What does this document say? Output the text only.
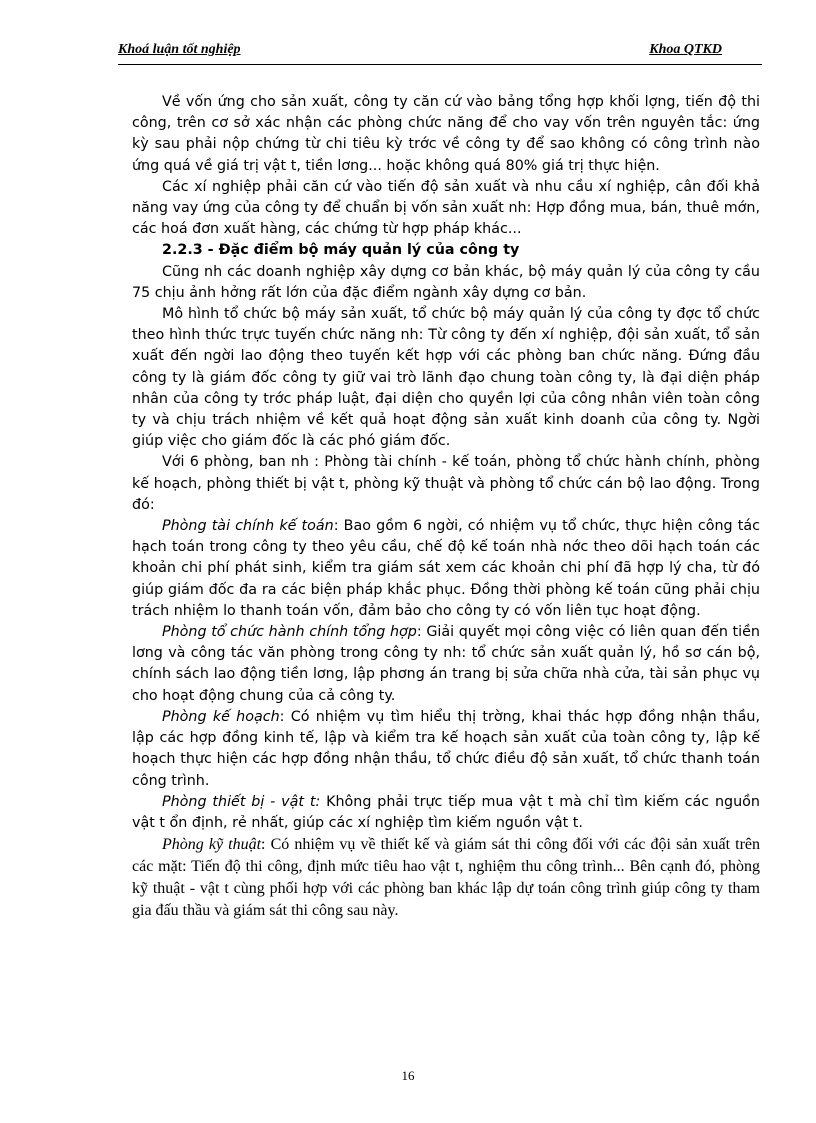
Khoá luận tốt nghiệp	Khoa QTKD

Về vốn ứng cho sản xuất, công ty căn cứ vào bảng tổng hợp khối lợng, tiến độ thi công, trên cơ sở xác nhận các phòng chức năng để cho vay vốn trên nguyên tắc: ứng kỳ sau phải nộp chứng từ chi tiêu kỳ trớc về công ty để sao không có công trình nào ứng quá về giá trị vật t, tiền lơng... hoặc không quá 80% giá trị thực hiện.

Các xí nghiệp phải căn cứ vào tiến độ sản xuất và nhu cầu xí nghiệp, cân đối khả năng vay ứng của công ty để chuẩn bị vốn sản xuất nh: Hợp đồng mua, bán, thuê mớn, các hoá đơn xuất hàng, các chứng từ hợp pháp khác...

2.2.3 - Đặc điểm bộ máy quản lý của công ty

Cũng nh các doanh nghiệp xây dựng cơ bản khác, bộ máy quản lý của công ty cầu 75 chịu ảnh hởng rất lớn của đặc điểm ngành xây dựng cơ bản.

Mô hình tổ chức bộ máy sản xuất, tổ chức bộ máy quản lý của công ty đợc tổ chức theo hình thức trực tuyến chức năng nh: Từ công ty đến xí nghiệp, đội sản xuất, tổ sản xuất đến ngời lao động theo tuyến kết hợp với các phòng ban chức năng. Đứng đầu công ty là giám đốc công ty giữ vai trò lãnh đạo chung toàn công ty, là đại diện pháp nhân của công ty trớc pháp luật, đại diện cho quyền lợi của công nhân viên toàn công ty và chịu trách nhiệm về kết quả hoạt động sản xuất kinh doanh của công ty. Ngời giúp việc cho giám đốc là các phó giám đốc.

Với 6 phòng, ban nh : Phòng tài chính - kế toán, phòng tổ chức hành chính, phòng kế hoạch, phòng thiết bị vật t, phòng kỹ thuật và phòng tổ chức cán bộ lao động. Trong đó:

Phòng tài chính kế toán: Bao gồm 6 ngời, có nhiệm vụ tổ chức, thực hiện công tác hạch toán trong công ty theo yêu cầu, chế độ kế toán nhà nớc theo dõi hạch toán các khoản chi phí phát sinh, kiểm tra giám sát xem các khoản chi phí đã hợp lý cha, từ đó giúp giám đốc đa ra các biện pháp khắc phục. Đồng thời phòng kế toán cũng phải chịu trách nhiệm lo thanh toán vốn, đảm bảo cho công ty có vốn liên tục hoạt động.

Phòng tổ chức hành chính tổng hợp: Giải quyết mọi công việc có liên quan đến tiền lơng và công tác văn phòng trong công ty nh: tổ chức sản xuất quản lý, hồ sơ cán bộ, chính sách lao động tiền lơng, lập phơng án trang bị sửa chữa nhà cửa, tài sản phục vụ cho hoạt động chung của cả công ty.

Phòng kế hoạch: Có nhiệm vụ tìm hiểu thị trờng, khai thác hợp đồng nhận thầu, lập các hợp đồng kinh tế, lập và kiểm tra kế hoạch sản xuất của toàn công ty, lập kế hoạch thực hiện các hợp đồng nhận thầu, tổ chức điều độ sản xuất, tổ chức thanh toán công trình.

Phòng thiết bị - vật t: Không phải trực tiếp mua vật t mà chỉ tìm kiếm các nguồn vật t ổn định, rẻ nhất, giúp các xí nghiệp tìm kiếm nguồn vật t.

Phòng kỹ thuật: Có nhiệm vụ về thiết kế và giám sát thi công đối với các đội sản xuất trên các mặt: Tiến độ thi công, định mức tiêu hao vật t, nghiệm thu công trình... Bên cạnh đó, phòng kỹ thuật - vật t cùng phối hợp với các phòng ban khác lập dự toán công trình giúp công ty tham gia đấu thầu và giám sát thi công sau này.

16
